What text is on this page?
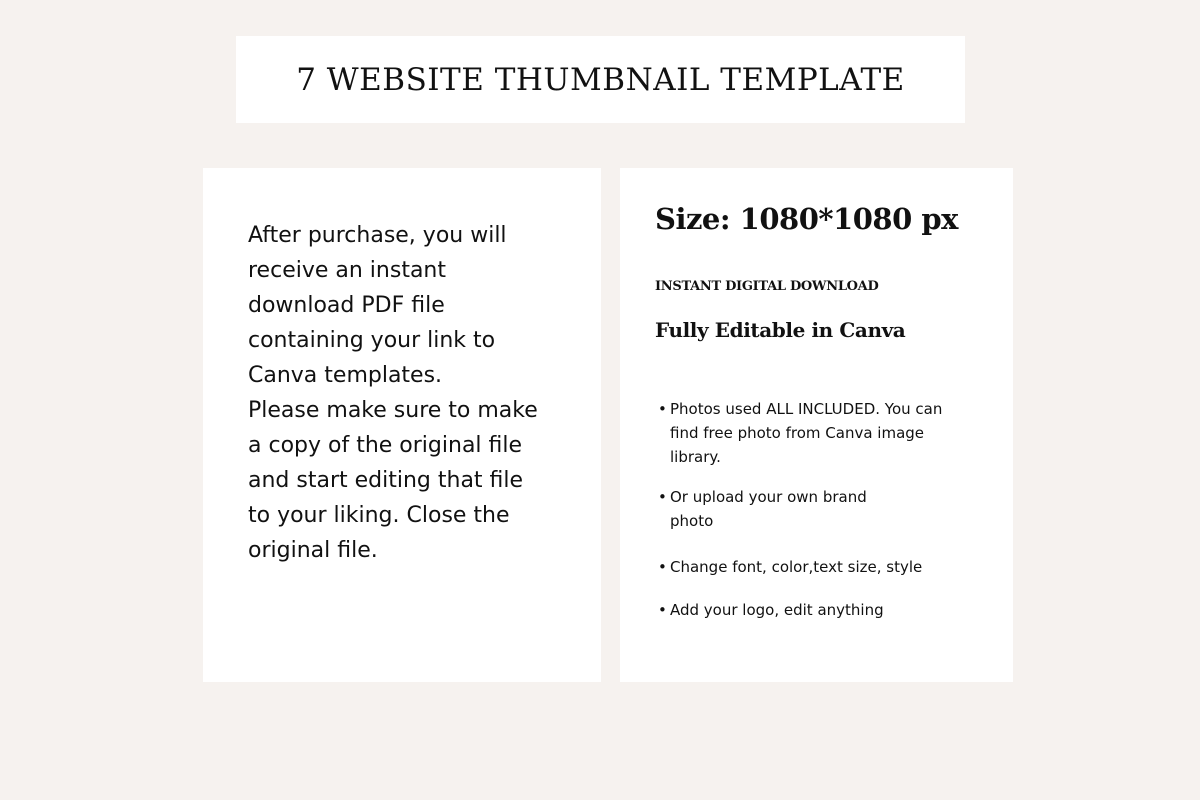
7 WEBSITE THUMBNAIL TEMPLATE

After purchase, you will
receive an instant
download PDF file
containing your link to
Canva templates.
Please make sure to make
a copy of the original file
and start editing that file
to your liking. Close the
original file.

Size: 1080*1080 px
INSTANT DIGITAL DOWNLOAD
Fully Editable in Canva
• Photos used ALL INCLUDED. You can
find free photo from Canva image
library.
• Or upload your own brand
photo
• Change font, color,text size, style
• Add your logo, edit anything
